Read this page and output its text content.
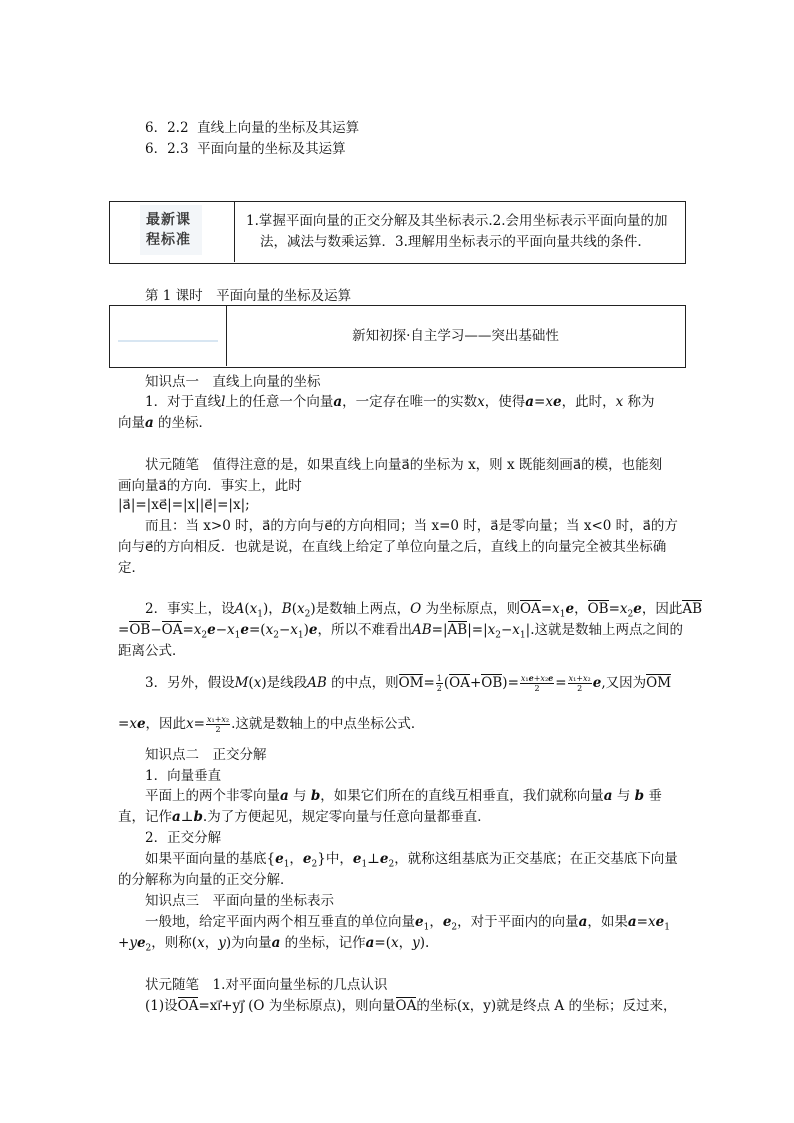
6．2.2 直线上向量的坐标及其运算
6．2.3 平面向量的坐标及其运算
最新课
程标准
1.掌握平面向量的正交分解及其坐标表示.2.会用坐标表示平面向量的加
法，减法与数乘运算．3.理解用坐标表示的平面向量共线的条件.
第 1 课时　平面向量的坐标及运算
新知初探·自主学习——突出基础性
知识点一　直线上向量的坐标
1．对于直线l上的任意一个向量a，一定存在唯一的实数x，使得a=xe，此时，x 称为
向量a 的坐标．
状元随笔　值得注意的是，如果直线上向量a⃗的坐标为 x，则 x 既能刻画a⃗的模，也能刻
画向量a⃗的方向．事实上，此时
|a⃗|=|xe⃗|=|x||e⃗|=|x|;
而且：当 x>0 时，a⃗的方向与e⃗的方向相同；当 x=0 时，a⃗是零向量；当 x<0 时，a⃗的方
向与e⃗的方向相反．也就是说，在直线上给定了单位向量之后，直线上的向量完全被其坐标确
定．
2．事实上，设$A(x_1)$，$B(x_2)$是数轴上两点，O 为坐标原点，则$OA=x_1e$，$OB=x_2e$，因此AB
$=OB-OA=x_2e-x_1e=(x_2-x_1)e$，所以不难看出$AB=|AB|=|x_2-x_1|$.这就是数轴上两点之间的
距离公式．
3．另外，假设M(x)是线段AB 的中点，则$OM= \frac{1}{2} (OA+OB)= \frac{\text{x₁e+x₂e}}{2} = \frac{\text{x₁+x₂}}{2} e$,又因为OM
=xe，因此$x= \frac{\text{x₁+x₂}}{2}$ .这就是数轴上的中点坐标公式．
知识点二　正交分解
1．向量垂直
平面上的两个非零向量a 与 b，如果它们所在的直线互相垂直，我们就称向量a 与 b 垂
直，记作a⊥b.为了方便起见，规定零向量与任意向量都垂直．
2．正交分解
如果平面向量的基底{$e_1$，$e_2$}中，$e_1\perp e_2$，就称这组基底为正交基底；在正交基底下向量
的分解称为向量的正交分解．
知识点三　平面向量的坐标表示
一般地，给定平面内两个相互垂直的单位向量$e_1$，$e_2$，对于平面内的向量a，如果$a=xe_1$
$+ye_2$，则称(x，y)为向量a 的坐标，记作a=(x，y).
状元随笔　1.对平面向量坐标的几点认识
(1)设OA=xi⃗+yj⃗ (O 为坐标原点)，则向量OA的坐标(x，y)就是终点 A 的坐标；反过来，
